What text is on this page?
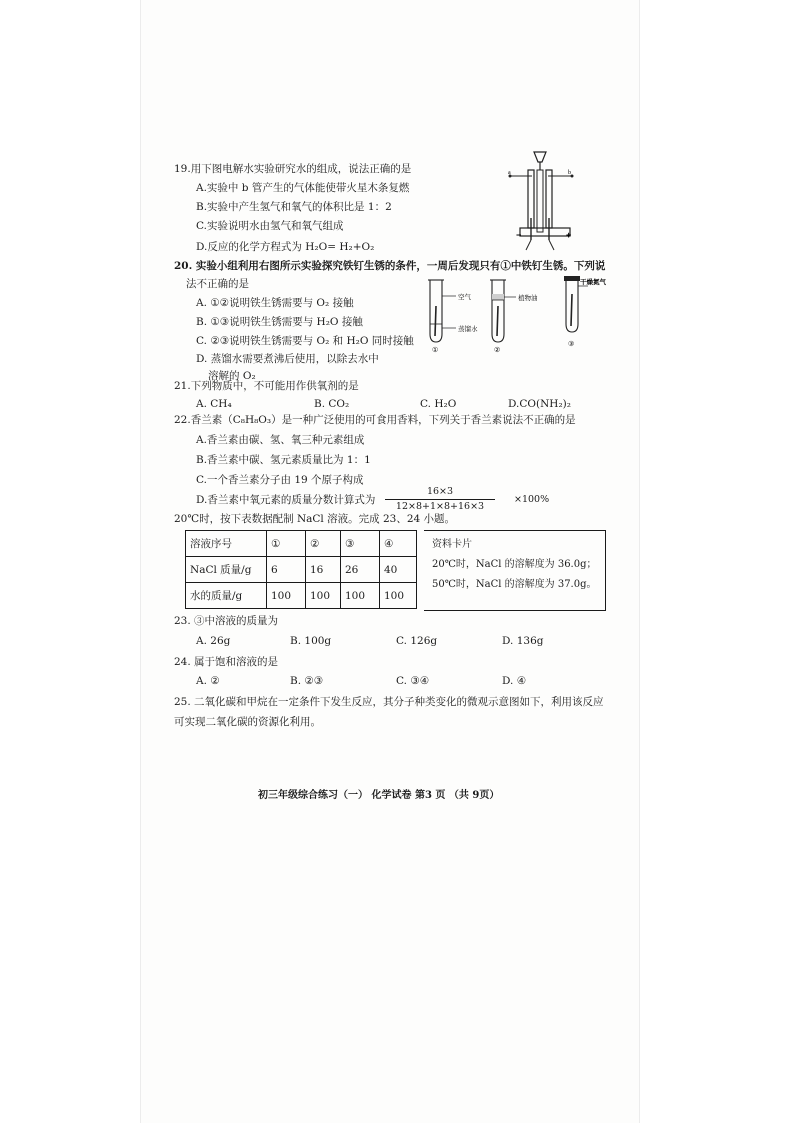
19.用下图电解水实验研究水的组成，说法正确的是
A.实验中 b 管产生的气体能使带火星木条复燃
B.实验中产生氢气和氧气的体积比是 1：2
C.实验说明水由氢气和氧气组成
D.反应的化学方程式为 H₂O= H₂+O₂
a	b
−	+
20. 实验小组利用右图所示实验探究铁钉生锈的条件，一周后发现只有①中铁钉生锈。下列说
法不正确的是
A. ①②说明铁生锈需要与 O₂ 接触
B. ①③说明铁生锈需要与 H₂O 接触
C. ②③说明铁生锈需要与 O₂ 和 H₂O 同时接触
D. 蒸馏水需要煮沸后使用，以除去水中
溶解的 O₂
空气
蒸馏水
①
植物油
②
干燥氮气
③
21.下列物质中，不可能用作供氧剂的是
A. CH₄	B. CO₂	C. H₂O	D.CO(NH₂)₂
22.香兰素（C₈H₈O₃）是一种广泛使用的可食用香料，下列关于香兰素说法不正确的是
A.香兰素由碳、氢、氧三种元素组成
B.香兰素中碳、氢元素质量比为 1：1
C.一个香兰素分子由 19 个原子构成
D.香兰素中氧元素的质量分数计算式为
16×3
12×8+1×8+16×3
×100%
20℃时，按下表数据配制 NaCl 溶液。完成 23、24 小题。
溶液序号	①	②	③	④
NaCl 质量/g	6	16	26	40
水的质量/g	100	100	100	100
资料卡片
20℃时，NaCl 的溶解度为 36.0g；
50℃时，NaCl 的溶解度为 37.0g。
23. ③中溶液的质量为
A. 26g	B. 100g	C. 126g	D. 136g
24. 属于饱和溶液的是
A. ②	B. ②③	C. ③④	D. ④
25. 二氧化碳和甲烷在一定条件下发生反应，其分子种类变化的微观示意图如下，利用该反应
可实现二氧化碳的资源化利用。
初三年级综合练习（一） 化学试卷 第3 页 （共 9页）
